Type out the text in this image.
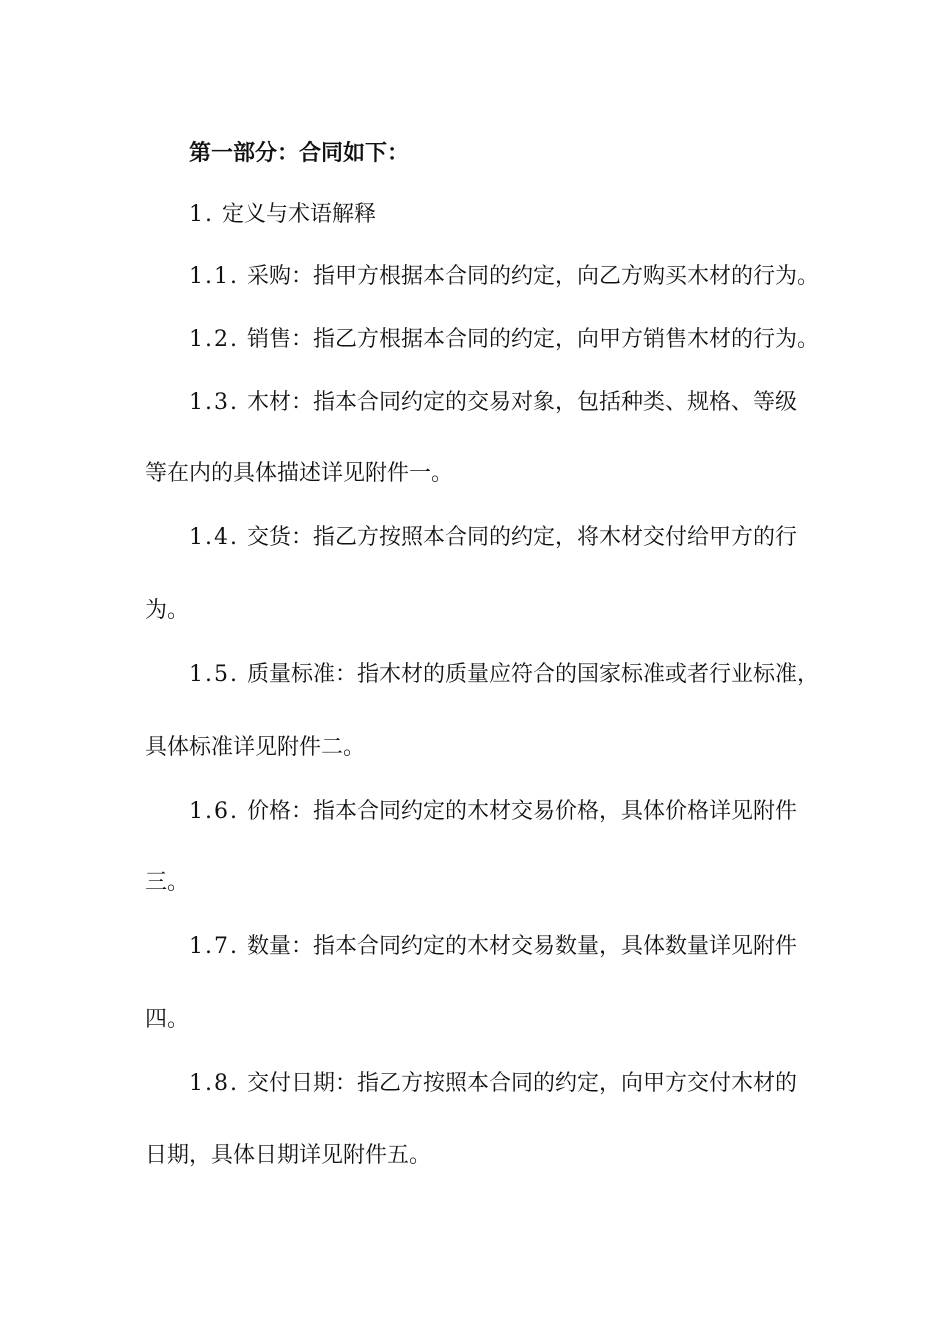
第一部分：合同如下：
1. 定义与术语解释
1.1. 采购：指甲方根据本合同的约定，向乙方购买木材的行为。
1.2. 销售：指乙方根据本合同的约定，向甲方销售木材的行为。
1.3. 木材：指本合同约定的交易对象，包括种类、规格、等级
等在内的具体描述详见附件一。
1.4. 交货：指乙方按照本合同的约定，将木材交付给甲方的行
为。
1.5. 质量标准：指木材的质量应符合的国家标准或者行业标准，
具体标准详见附件二。
1.6. 价格：指本合同约定的木材交易价格，具体价格详见附件
三。
1.7. 数量：指本合同约定的木材交易数量，具体数量详见附件
四。
1.8. 交付日期：指乙方按照本合同的约定，向甲方交付木材的
日期，具体日期详见附件五。
